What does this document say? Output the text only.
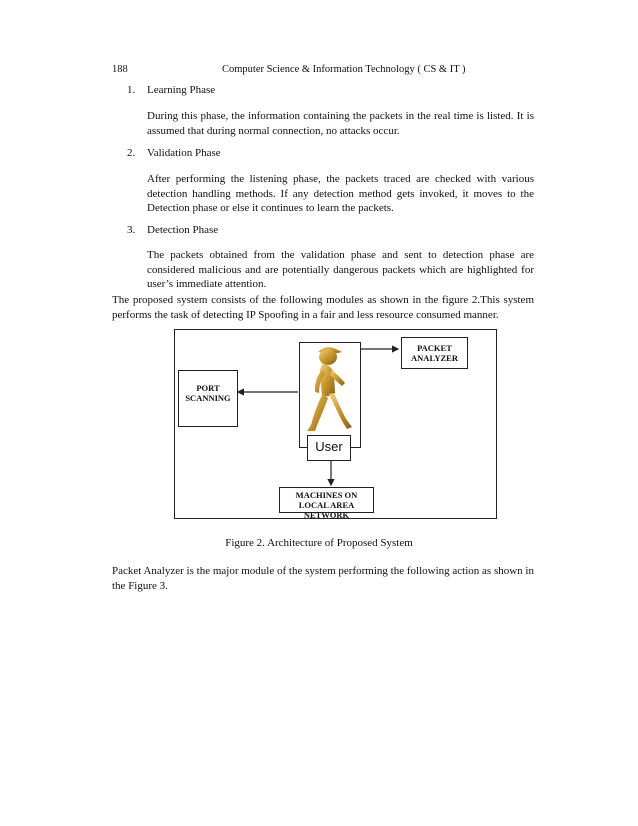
188	Computer Science & Information Technology ( CS & IT )
1. Learning Phase
During this phase, the information containing the packets in the real time is listed. It is assumed that during normal connection, no attacks occur.
2. Validation Phase
After performing the listening phase, the packets traced are checked with various detection handling methods. If any detection method gets invoked, it moves to the Detection phase or else it continues to learn the packets.
3. Detection Phase
The packets obtained from the validation phase and sent to detection phase are considered malicious and are potentially dangerous packets which are highlighted for user’s immediate attention.
The proposed system consists of the following modules as shown in the figure 2.This system performs the task of detecting IP Spoofing in a fair and less resource consumed manner.
PACKET ANALYZER
PORT SCANNING
User
MACHINES ON LOCAL AREA NETWORK
Figure 2. Architecture of Proposed System
Packet Analyzer is the major module of the system performing the following action as shown in the Figure 3.
